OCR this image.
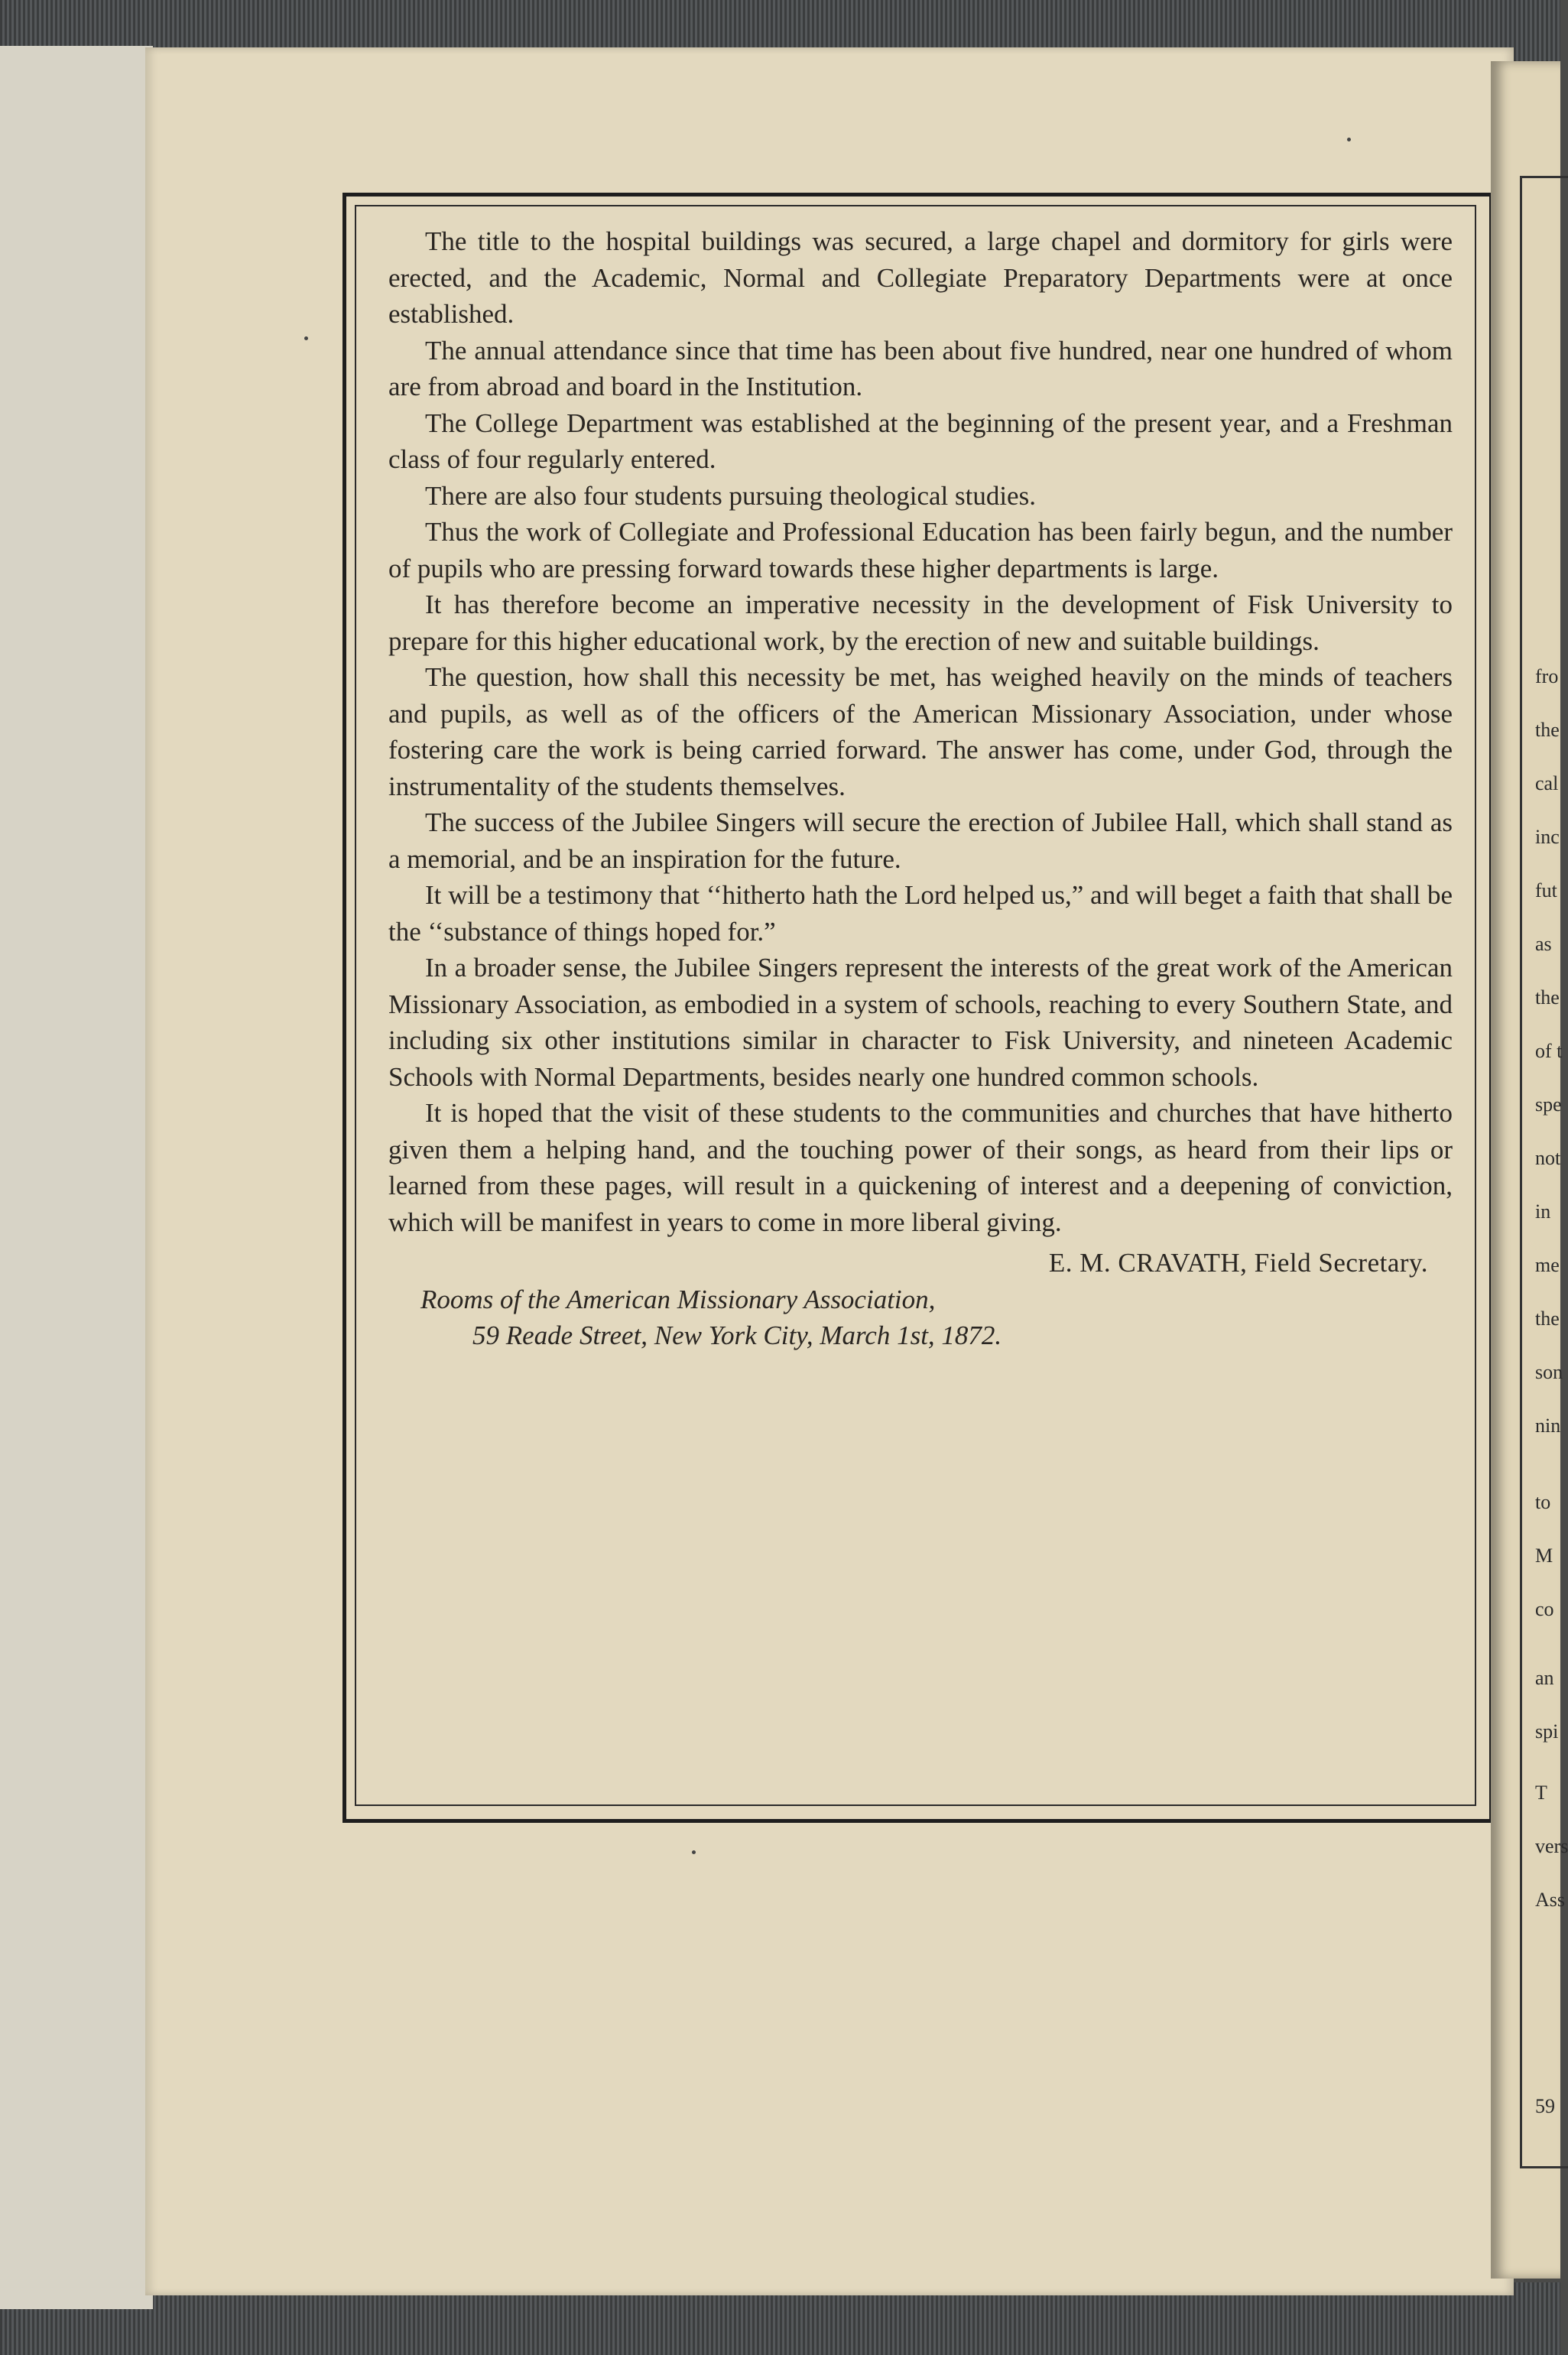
The title to the hospital buildings was secured, a large chapel and dormitory for girls were erected, and the Academic, Normal and Collegiate Preparatory Departments were at once established.

The annual attendance since that time has been about five hundred, near one hundred of whom are from abroad and board in the Institution.

The College Department was established at the beginning of the present year, and a Freshman class of four regularly entered.

There are also four students pursuing theological studies.

Thus the work of Collegiate and Professional Education has been fairly begun, and the number of pupils who are pressing forward towards these higher departments is large.

It has therefore become an imperative necessity in the development of Fisk University to prepare for this higher educational work, by the erection of new and suitable buildings.

The question, how shall this necessity be met, has weighed heavily on the minds of teachers and pupils, as well as of the officers of the American Missionary Association, under whose fostering care the work is being carried forward. The answer has come, under God, through the instrumentality of the students themselves.

The success of the Jubilee Singers will secure the erection of Jubilee Hall, which shall stand as a memorial, and be an inspiration for the future.

It will be a testimony that ‘‘hitherto hath the Lord helped us,” and will beget a faith that shall be the ‘‘substance of things hoped for.”

In a broader sense, the Jubilee Singers represent the interests of the great work of the American Missionary Association, as embodied in a system of schools, reaching to every Southern State, and including six other institutions similar in character to Fisk University, and nineteen Academic Schools with Normal Departments, besides nearly one hundred common schools.

It is hoped that the visit of these students to the communities and churches that have hitherto given them a helping hand, and the touching power of their songs, as heard from their lips or learned from these pages, will result in a quickening of interest and a deepening of conviction, which will be manifest in years to come in more liberal giving.

E. M. CRAVATH, Field Secretary.
Rooms of the American Missionary Association,
59 Reade Street, New York City, March 1st, 1872.
fro
the
cal
inc
fut
as
the
of t
spe
not
in
me
the
son
nin
to
M
co
an
spi
T
vers
Ass
59
